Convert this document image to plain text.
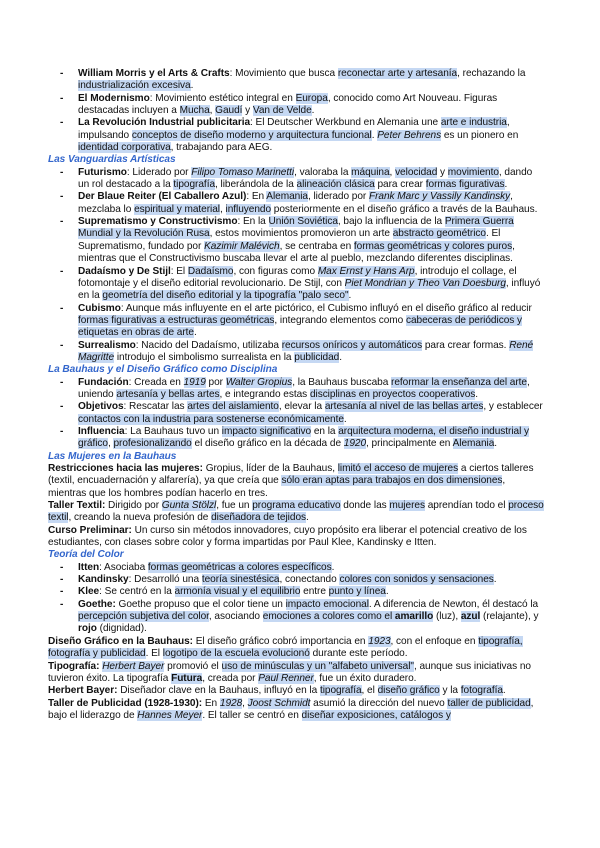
- William Morris y el Arts & Crafts: Movimiento que busca reconectar arte y artesanía, rechazando la industrialización excesiva.
- El Modernismo: Movimiento estético integral en Europa, conocido como Art Nouveau. Figuras destacadas incluyen a Mucha, Gaudí y Van de Velde.
- La Revolución Industrial publicitaria: El Deutscher Werkbund en Alemania une arte e industria, impulsando conceptos de diseño moderno y arquitectura funcional. Peter Behrens es un pionero en identidad corporativa, trabajando para AEG.
Las Vanguardias Artísticas
- Futurismo: Liderado por Filipo Tomaso Marinetti, valoraba la máquina, velocidad y movimiento, dando un rol destacado a la tipografía, liberándola de la alineación clásica para crear formas figurativas.
- Der Blaue Reiter (El Caballero Azul): En Alemania, liderado por Frank Marc y Vassily Kandinsky, mezclaba lo espiritual y material, influyendo posteriormente en el diseño gráfico a través de la Bauhaus.
- Suprematismo y Constructivismo: En la Unión Soviética, bajo la influencia de la Primera Guerra Mundial y la Revolución Rusa, estos movimientos promovieron un arte abstracto geométrico. El Suprematismo, fundado por Kazimir Malévich, se centraba en formas geométricas y colores puros, mientras que el Constructivismo buscaba llevar el arte al pueblo, mezclando diferentes disciplinas.
- Dadaísmo y De Stijl: El Dadaísmo, con figuras como Max Ernst y Hans Arp, introdujo el collage, el fotomontaje y el diseño editorial revolucionario. De Stijl, con Piet Mondrian y Theo Van Doesburg, influyó en la geometría del diseño editorial y la tipografía "palo seco".
- Cubismo: Aunque más influyente en el arte pictórico, el Cubismo influyó en el diseño gráfico al reducir formas figurativas a estructuras geométricas, integrando elementos como cabeceras de periódicos y etiquetas en obras de arte.
- Surrealismo: Nacido del Dadaísmo, utilizaba recursos oníricos y automáticos para crear formas. René Magritte introdujo el simbolismo surrealista en la publicidad.
La Bauhaus y el Diseño Gráfico como Disciplina
- Fundación: Creada en 1919 por Walter Gropius, la Bauhaus buscaba reformar la enseñanza del arte, uniendo artesanía y bellas artes, e integrando estas disciplinas en proyectos cooperativos.
- Objetivos: Rescatar las artes del aislamiento, elevar la artesanía al nivel de las bellas artes, y establecer contactos con la industria para sostenerse económicamente.
- Influencia: La Bauhaus tuvo un impacto significativo en la arquitectura moderna, el diseño industrial y gráfico, profesionalizando el diseño gráfico en la década de 1920, principalmente en Alemania.
Las Mujeres en la Bauhaus

Restricciones hacia las mujeres: Gropius, líder de la Bauhaus, limitó el acceso de mujeres a ciertos talleres (textil, encuadernación y alfarería), ya que creía que sólo eran aptas para trabajos en dos dimensiones, mientras que los hombres podían hacerlo en tres.

Taller Textil: Dirigido por Gunta Stölzl, fue un programa educativo donde las mujeres aprendían todo el proceso textil, creando la nueva profesión de diseñadora de tejidos.

Curso Preliminar: Un curso sin métodos innovadores, cuyo propósito era liberar el potencial creativo de los estudiantes, con clases sobre color y forma impartidas por Paul Klee, Kandinsky e Itten.

Teoría del Color
- Itten: Asociaba formas geométricas a colores específicos.
- Kandinsky: Desarrolló una teoría sinestésica, conectando colores con sonidos y sensaciones.
- Klee: Se centró en la armonía visual y el equilibrio entre punto y línea.
- Goethe: Goethe propuso que el color tiene un impacto emocional. A diferencia de Newton, él destacó la percepción subjetiva del color, asociando emociones a colores como el amarillo (luz), azul (relajante), y rojo (dignidad).

Diseño Gráfico en la Bauhaus: El diseño gráfico cobró importancia en 1923, con el enfoque en tipografía, fotografía y publicidad. El logotipo de la escuela evolucionó durante este período.

Tipografía: Herbert Bayer promovió el uso de minúsculas y un "alfabeto universal", aunque sus iniciativas no tuvieron éxito. La tipografía Futura, creada por Paul Renner, fue un éxito duradero.

Herbert Bayer: Diseñador clave en la Bauhaus, influyó en la tipografía, el diseño gráfico y la fotografía.

Taller de Publicidad (1928-1930): En 1928, Joost Schmidt asumió la dirección del nuevo taller de publicidad, bajo el liderazgo de Hannes Meyer. El taller se centró en diseñar exposiciones, catálogos y
